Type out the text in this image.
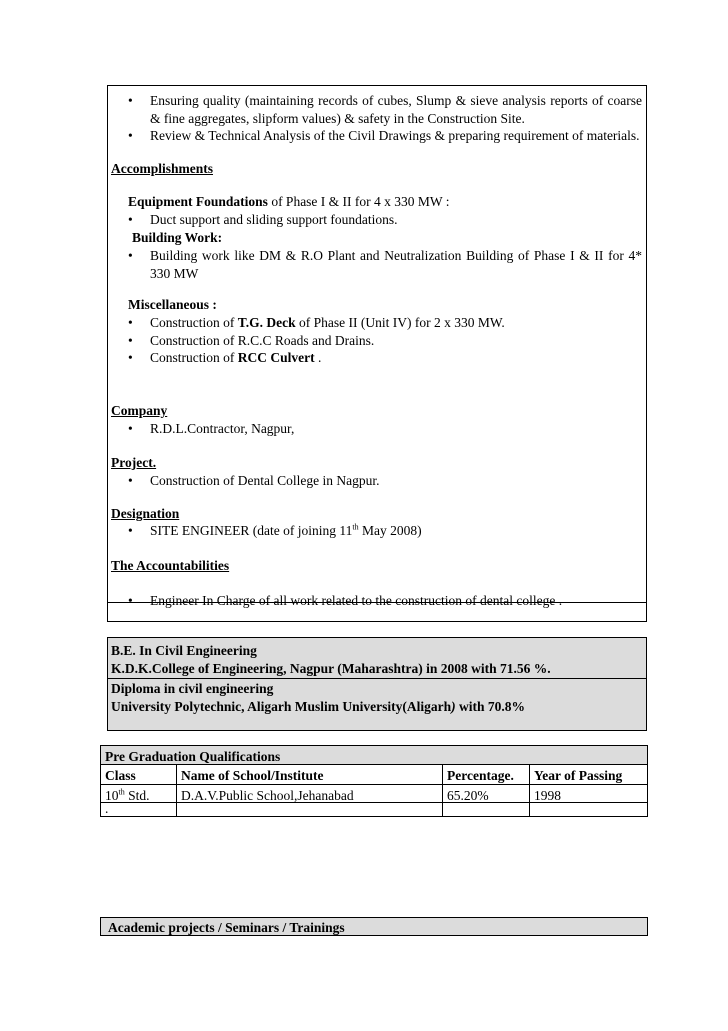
• Ensuring quality (maintaining records of cubes, Slump & sieve analysis reports of coarse & fine aggregates, slipform values) & safety in the Construction Site.
• Review & Technical Analysis of the Civil Drawings & preparing requirement of materials.
Accomplishments
Equipment Foundations of Phase I & II for 4 x 330 MW :
• Duct support and sliding support foundations.
Building Work:
• Building work like DM & R.O Plant and Neutralization Building of Phase I & II for 4* 330 MW
Miscellaneous :
• Construction of T.G. Deck of Phase II (Unit IV) for 2 x 330 MW.
• Construction of R.C.C Roads and Drains.
• Construction of RCC Culvert .
Company
• R.D.L.Contractor, Nagpur,
Project.
• Construction of Dental College in Nagpur.
Designation
• SITE ENGINEER (date of joining 11th May 2008)
The Accountabilities
• Engineer In Charge of all work related to the construction of dental college .
B.E. In Civil Engineering
K.D.K.College of Engineering, Nagpur (Maharashtra) in 2008 with 71.56 %.
Diploma in civil engineering
University Polytechnic, Aligarh Muslim University(Aligarh) with 70.8%
Pre Graduation Qualifications
Class	Name of School/Institute	Percentage.	Year of Passing
10th Std.	D.A.V.Public School,Jehanabad	65.20%	1998
.
Academic projects / Seminars / Trainings
